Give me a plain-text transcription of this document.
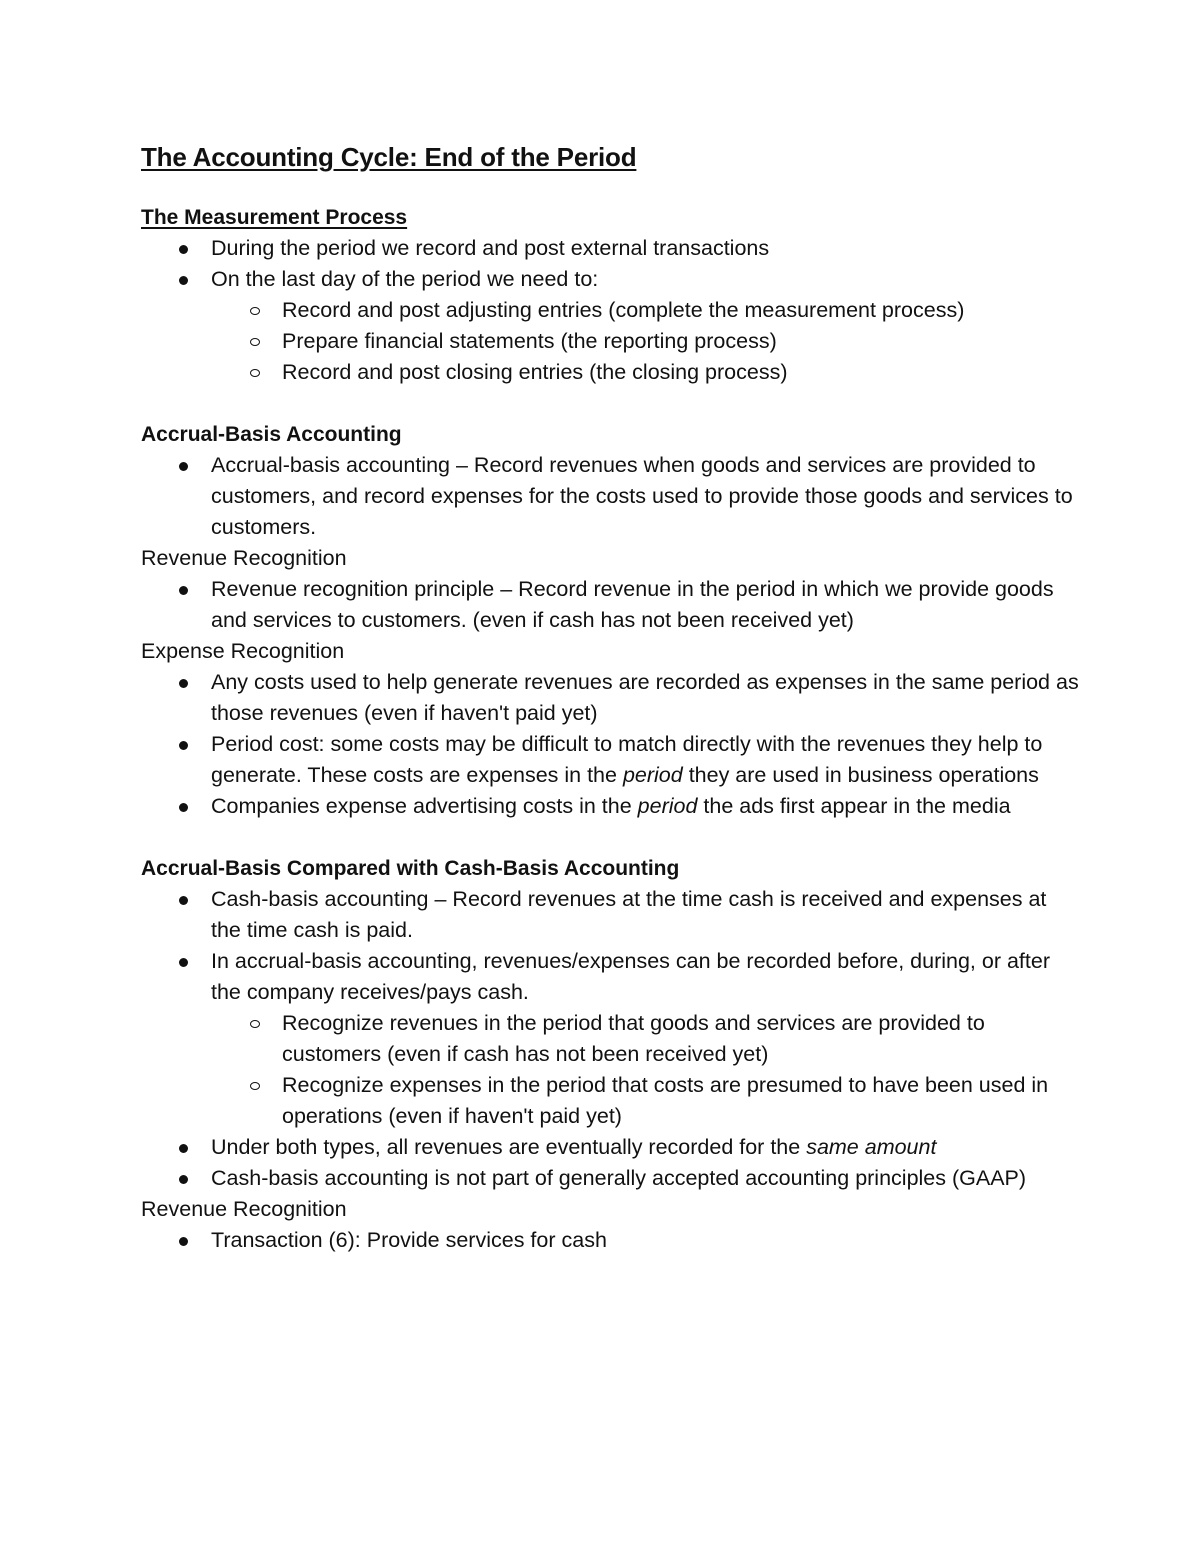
The Accounting Cycle: End of the Period
The Measurement Process
During the period we record and post external transactions
On the last day of the period we need to:
Record and post adjusting entries (complete the measurement process)
Prepare financial statements (the reporting process)
Record and post closing entries (the closing process)
Accrual-Basis Accounting
Accrual-basis accounting – Record revenues when goods and services are provided to customers, and record expenses for the costs used to provide those goods and services to customers.

Revenue Recognition

Revenue recognition principle – Record revenue in the period in which we provide goods and services to customers. (even if cash has not been received yet)

Expense Recognition

Any costs used to help generate revenues are recorded as expenses in the same period as those revenues (even if haven't paid yet)
Period cost: some costs may be difficult to match directly with the revenues they help to generate. These costs are expenses in the period they are used in business operations
Companies expense advertising costs in the period the ads first appear in the media
Accrual-Basis Compared with Cash-Basis Accounting
Cash-basis accounting – Record revenues at the time cash is received and expenses at the time cash is paid.
In accrual-basis accounting, revenues/expenses can be recorded before, during, or after the company receives/pays cash.
Recognize revenues in the period that goods and services are provided to customers (even if cash has not been received yet)
Recognize expenses in the period that costs are presumed to have been used in operations (even if haven't paid yet)
Under both types, all revenues are eventually recorded for the same amount
Cash-basis accounting is not part of generally accepted accounting principles (GAAP)

Revenue Recognition

Transaction (6): Provide services for cash
